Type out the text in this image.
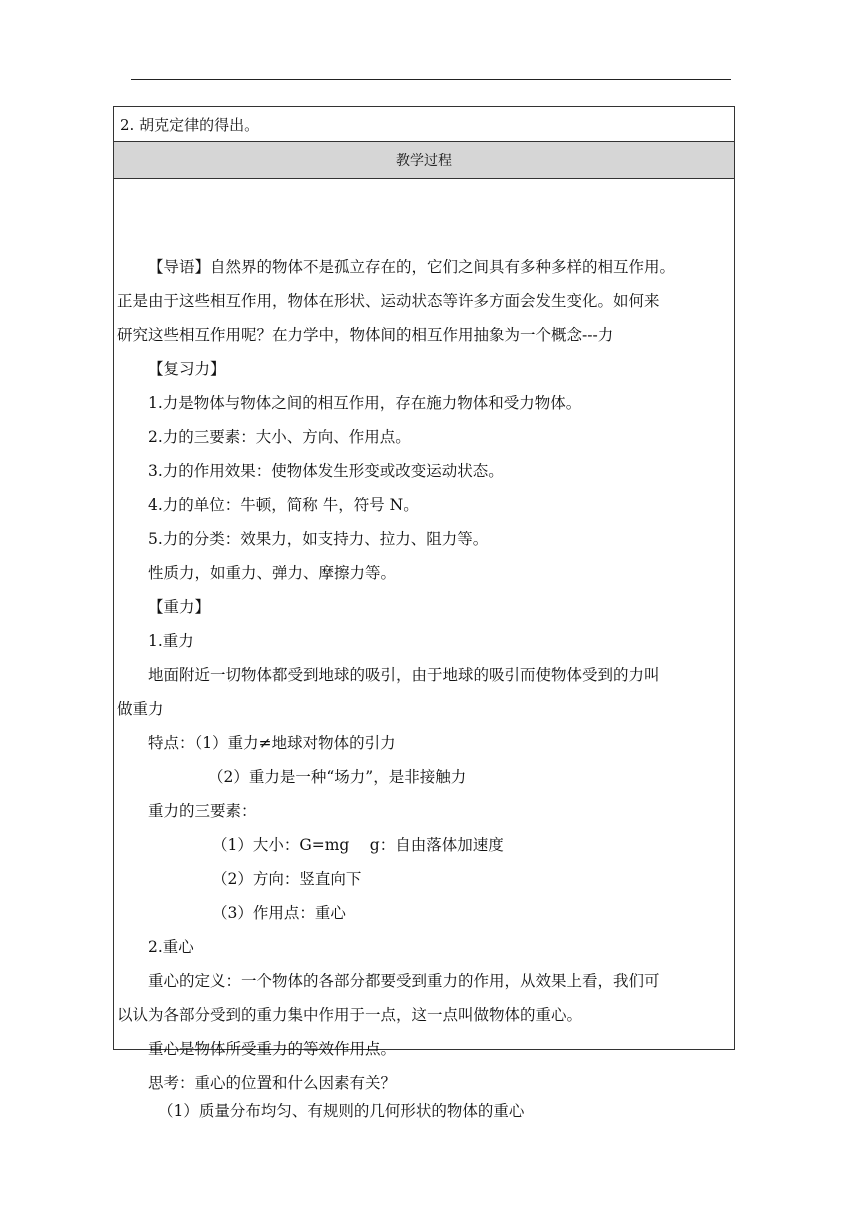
2. 胡克定律的得出。
教学过程
【导语】自然界的物体不是孤立存在的，它们之间具有多种多样的相互作用。
正是由于这些相互作用，物体在形状、运动状态等许多方面会发生变化。如何来
研究这些相互作用呢？在力学中，物体间的相互作用抽象为一个概念---力
【复习力】
1.力是物体与物体之间的相互作用，存在施力物体和受力物体。
2.力的三要素：大小、方向、作用点。
3.力的作用效果：使物体发生形变或改变运动状态。
4.力的单位：牛顿，简称 牛，符号 N。
5.力的分类：效果力，如支持力、拉力、阻力等。
性质力，如重力、弹力、摩擦力等。
【重力】
1.重力
地面附近一切物体都受到地球的吸引，由于地球的吸引而使物体受到的力叫
做重力
特点：（1）重力≠地球对物体的引力
（2）重力是一种“场力”，是非接触力
重力的三要素：
（1）大小：G=mg　 g：自由落体加速度
（2）方向：竖直向下
（3）作用点：重心
2.重心
重心的定义：一个物体的各部分都要受到重力的作用，从效果上看，我们可
以认为各部分受到的重力集中作用于一点，这一点叫做物体的重心。
重心是物体所受重力的等效作用点。
思考：重心的位置和什么因素有关？
（1）质量分布均匀、有规则的几何形状的物体的重心
